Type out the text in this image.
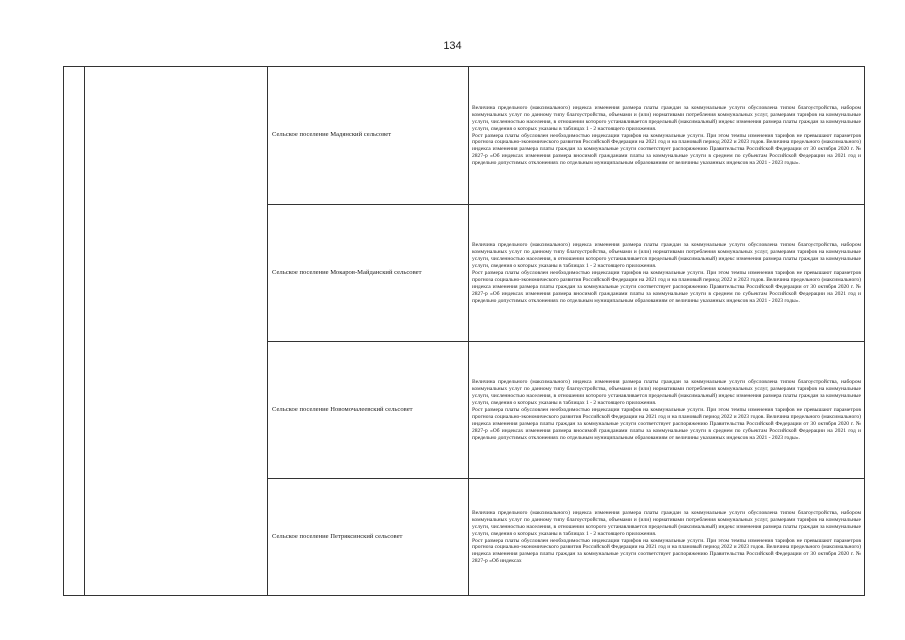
134

		Сельское поселение Мадянский сельсовет	Величина предельного (максимального) индекса изменения размера платы граждан за коммунальные услуги обусловлена типом благоустройства, набором коммунальных услуг по данному типу благоустройства, объемами и (или) нормативами потребления коммунальных услуг, размерами тарифов на коммунальные услуги, численностью населения, в отношении которого устанавливается предельный (максимальный) индекс изменения размера платы граждан за коммунальные услуги, сведения о которых указаны в таблицах 1 - 2 настоящего приложения.

Рост размера платы обусловлен необходимостью индексации тарифов на коммунальные услуги. При этом темпы изменения тарифов не превышают параметров прогноза социально-экономического развития Российской Федерации на 2021 год и на плановый период 2022 и 2023 годов. Величина предельного (максимального) индекса изменения размера платы граждан за коммунальные услуги соответствует распоряжению Правительства Российской Федерации от 30 октября 2020 г. № 2827-р «Об индексах изменения размера вносимой гражданами платы за коммунальные услуги в среднем по субъектам Российской Федерации на 2021 год и предельно допустимых отклонениях по отдельным муниципальным образованиям от величины указанных индексов на 2021 - 2023 годы».

		Сельское поселение Мокаров-Майданский сельсовет	Величина предельного (максимального) индекса изменения размера платы граждан за коммунальные услуги обусловлена типом благоустройства, набором коммунальных услуг по данному типу благоустройства, объемами и (или) нормативами потребления коммунальных услуг, размерами тарифов на коммунальные услуги, численностью населения, в отношении которого устанавливается предельный (максимальный) индекс изменения размера платы граждан за коммунальные услуги, сведения о которых указаны в таблицах 1 - 2 настоящего приложения.

Рост размера платы обусловлен необходимостью индексации тарифов на коммунальные услуги. При этом темпы изменения тарифов не превышают параметров прогноза социально-экономического развития Российской Федерации на 2021 год и на плановый период 2022 и 2023 годов. Величина предельного (максимального) индекса изменения размера платы граждан за коммунальные услуги соответствует распоряжению Правительства Российской Федерации от 30 октября 2020 г. № 2827-р «Об индексах изменения размера вносимой гражданами платы за коммунальные услуги в среднем по субъектам Российской Федерации на 2021 год и предельно допустимых отклонениях по отдельным муниципальным образованиям от величины указанных индексов на 2021 - 2023 годы».

		Сельское поселение Новомочалеевский сельсовет	Величина предельного (максимального) индекса изменения размера платы граждан за коммунальные услуги обусловлена типом благоустройства, набором коммунальных услуг по данному типу благоустройства, объемами и (или) нормативами потребления коммунальных услуг, размерами тарифов на коммунальные услуги, численностью населения, в отношении которого устанавливается предельный (максимальный) индекс изменения размера платы граждан за коммунальные услуги, сведения о которых указаны в таблицах 1 - 2 настоящего приложения.

Рост размера платы обусловлен необходимостью индексации тарифов на коммунальные услуги. При этом темпы изменения тарифов не превышают параметров прогноза социально-экономического развития Российской Федерации на 2021 год и на плановый период 2022 и 2023 годов. Величина предельного (максимального) индекса изменения размера платы граждан за коммунальные услуги соответствует распоряжению Правительства Российской Федерации от 30 октября 2020 г. № 2827-р «Об индексах изменения размера вносимой гражданами платы за коммунальные услуги в среднем по субъектам Российской Федерации на 2021 год и предельно допустимых отклонениях по отдельным муниципальным образованиям от величины указанных индексов на 2021 - 2023 годы».

		Сельское поселение Петряксинский сельсовет	Величина предельного (максимального) индекса изменения размера платы граждан за коммунальные услуги обусловлена типом благоустройства, набором коммунальных услуг по данному типу благоустройства, объемами и (или) нормативами потребления коммунальных услуг, размерами тарифов на коммунальные услуги, численностью населения, в отношении которого устанавливается предельный (максимальный) индекс изменения размера платы граждан за коммунальные услуги, сведения о которых указаны в таблицах 1 - 2 настоящего приложения.

Рост размера платы обусловлен необходимостью индексации тарифов на коммунальные услуги. При этом темпы изменения тарифов не превышают параметров прогноза социально-экономического развития Российской Федерации на 2021 год и на плановый период 2022 и 2023 годов. Величина предельного (максимального) индекса изменения размера платы граждан за коммунальные услуги соответствует распоряжению Правительства Российской Федерации от 30 октября 2020 г. № 2827-р «Об индексах
